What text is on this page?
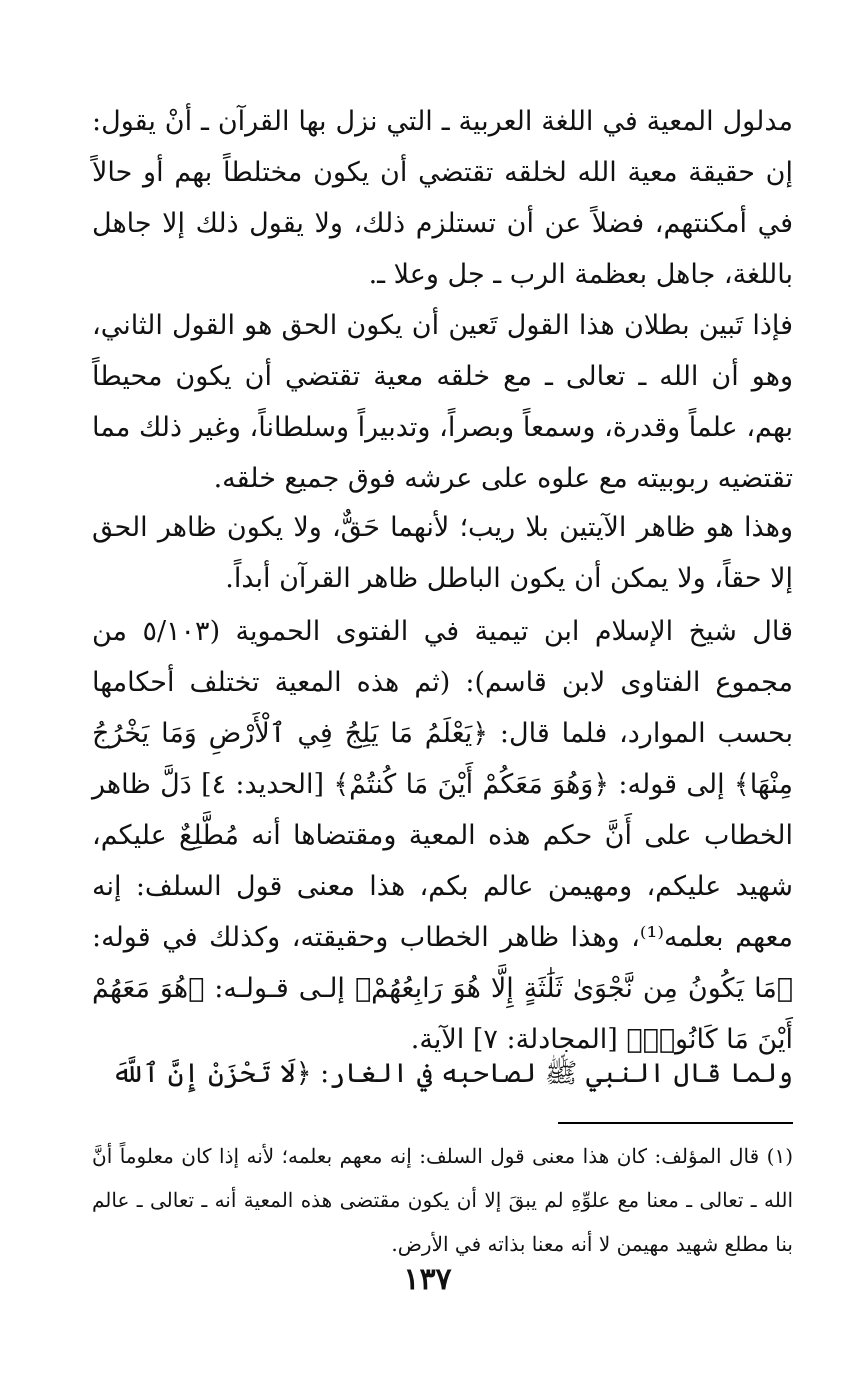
مدلول المعية في اللغة العربية ـ التي نزل بها القرآن ـ أنْ يقول: إن حقيقة معية الله لخلقه تقتضي أن يكون مختلطاً بهم أو حالاً في أمكنتهم، فضلاً عن أن تستلزم ذلك، ولا يقول ذلك إلا جاهل باللغة، جاهل بعظمة الرب ـ جل وعلا ـ.

فإذا تَبين بطلان هذا القول تَعين أن يكون الحق هو القول الثاني، وهو أن الله ـ تعالى ـ مع خلقه معية تقتضي أن يكون محيطاً بهم، علماً وقدرة، وسمعاً وبصراً، وتدبيراً وسلطاناً، وغير ذلك مما تقتضيه ربوبيته مع علوه على عرشه فوق جميع خلقه.

وهذا هو ظاهر الآيتين بلا ريب؛ لأنهما حَقٌّ، ولا يكون ظاهر الحق إلا حقاً، ولا يمكن أن يكون الباطل ظاهر القرآن أبداً.

قال شيخ الإسلام ابن تيمية في الفتوى الحموية (٥/١٠٣ من مجموع الفتاوى لابن قاسم): (ثم هذه المعية تختلف أحكامها بحسب الموارد، فلما قال: ﴿يَعْلَمُ مَا يَلِجُ فِي ٱلْأَرْضِ وَمَا يَخْرُجُ مِنْهَا﴾ إلى قوله: ﴿وَهُوَ مَعَكُمْ أَيْنَ مَا كُنتُمْ﴾ [الحديد: ٤] دَلَّ ظاهر الخطاب على أَنَّ حكم هذه المعية ومقتضاها أنه مُطَّلِعٌ عليكم، شهيد عليكم، ومهيمن عالم بكم، هذا معنى قول السلف: إنه معهم بعلمه⁽¹⁾، وهذا ظاهر الخطاب وحقيقته، وكذلك في قوله: ﴿مَا يَكُونُ مِن نَّجْوَىٰ ثَلَٰثَةٍ إِلَّا هُوَ رَابِعُهُمْ﴾ إلـى قـولـه: ﴿هُوَ مَعَهُمْ أَيْنَ مَا كَانُوا۟﴾ [المجادلة: ٧] الآية.

ولما قال النبي ﷺ لصاحبه في الغار: ﴿لَا تَحْزَنْ إِنَّ ٱللَّهَ

(١) قال المؤلف: كان هذا معنى قول السلف: إنه معهم بعلمه؛ لأنه إذا كان معلوماً أنَّ الله ـ تعالى ـ معنا مع علوِّهِ لم يبقَ إلا أن يكون مقتضى هذه المعية أنه ـ تعالى ـ عالم بنا مطلع شهيد مهيمن لا أنه معنا بذاته في الأرض.

١٣٧
